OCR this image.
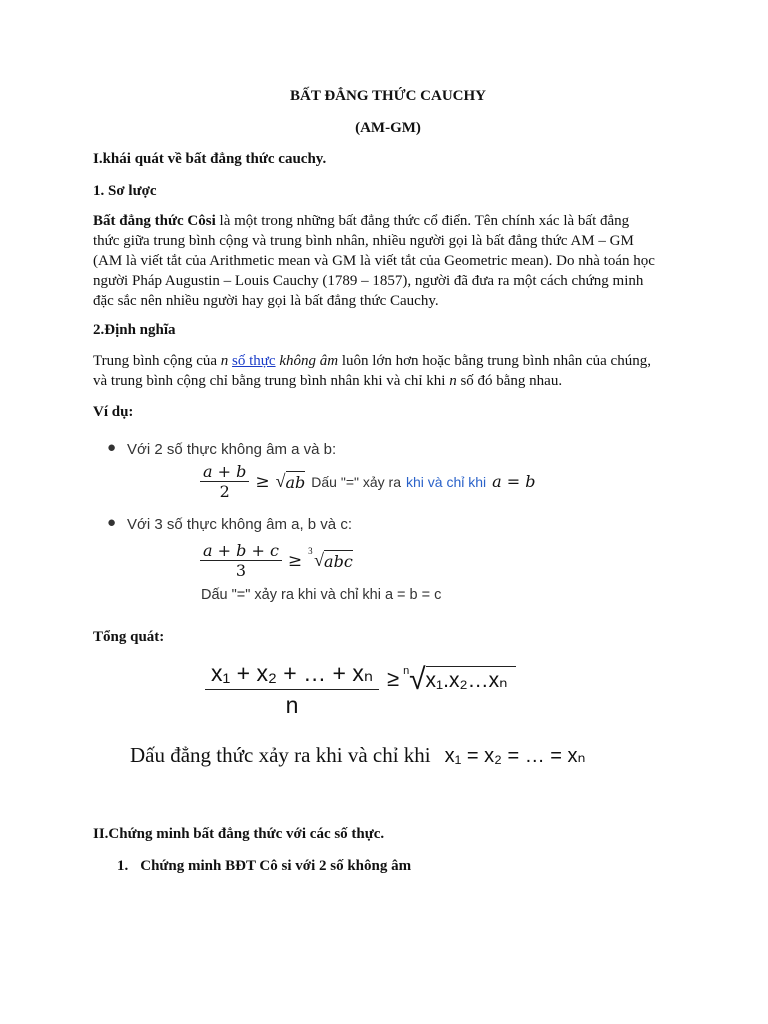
BẤT ĐẲNG THỨC CAUCHY
(AM-GM)
I.khái quát về bất đẳng thức cauchy.
1. Sơ lược
Bất đẳng thức Côsi là một trong những bất đẳng thức cổ điển. Tên chính xác là bất đẳng
thức giữa trung bình cộng và trung bình nhân, nhiều người gọi là bất đẳng thức AM – GM
(AM là viết tắt của Arithmetic mean và GM là viết tắt của Geometric mean). Do nhà toán học
người Pháp Augustin – Louis Cauchy (1789 – 1857), người đã đưa ra một cách chứng minh
đặc sắc nên nhiều người hay gọi là bất đẳng thức Cauchy.
2.Định nghĩa
Trung bình cộng của n số thực không âm luôn lớn hơn hoặc bằng trung bình nhân của chúng,
và trung bình cộng chỉ bằng trung bình nhân khi và chỉ khi n số đó bằng nhau.
Ví dụ:
● Với 2 số thực không âm a và b:
$\frac{a + b}{2}$ ≥ √ ab Dấu "=" xảy ra khi và chỉ khi a = b
● Với 3 số thực không âm a, b và c:
$\frac{a + b + c}{3} \ge 3$ √ abc
Dấu "=" xảy ra khi và chỉ khi a = b = c
Tổng quát:
$\frac{\text{x₁ + x₂ + … + xₙ}}{n} \ge n$ √ x₁.x₂…xₙ
Dấu đẳng thức xảy ra khi và chỉ khi x₁ = x₂ = … = xₙ
II.Chứng minh bất đẳng thức với các số thực.
1. Chứng minh BĐT Cô si với 2 số không âm
